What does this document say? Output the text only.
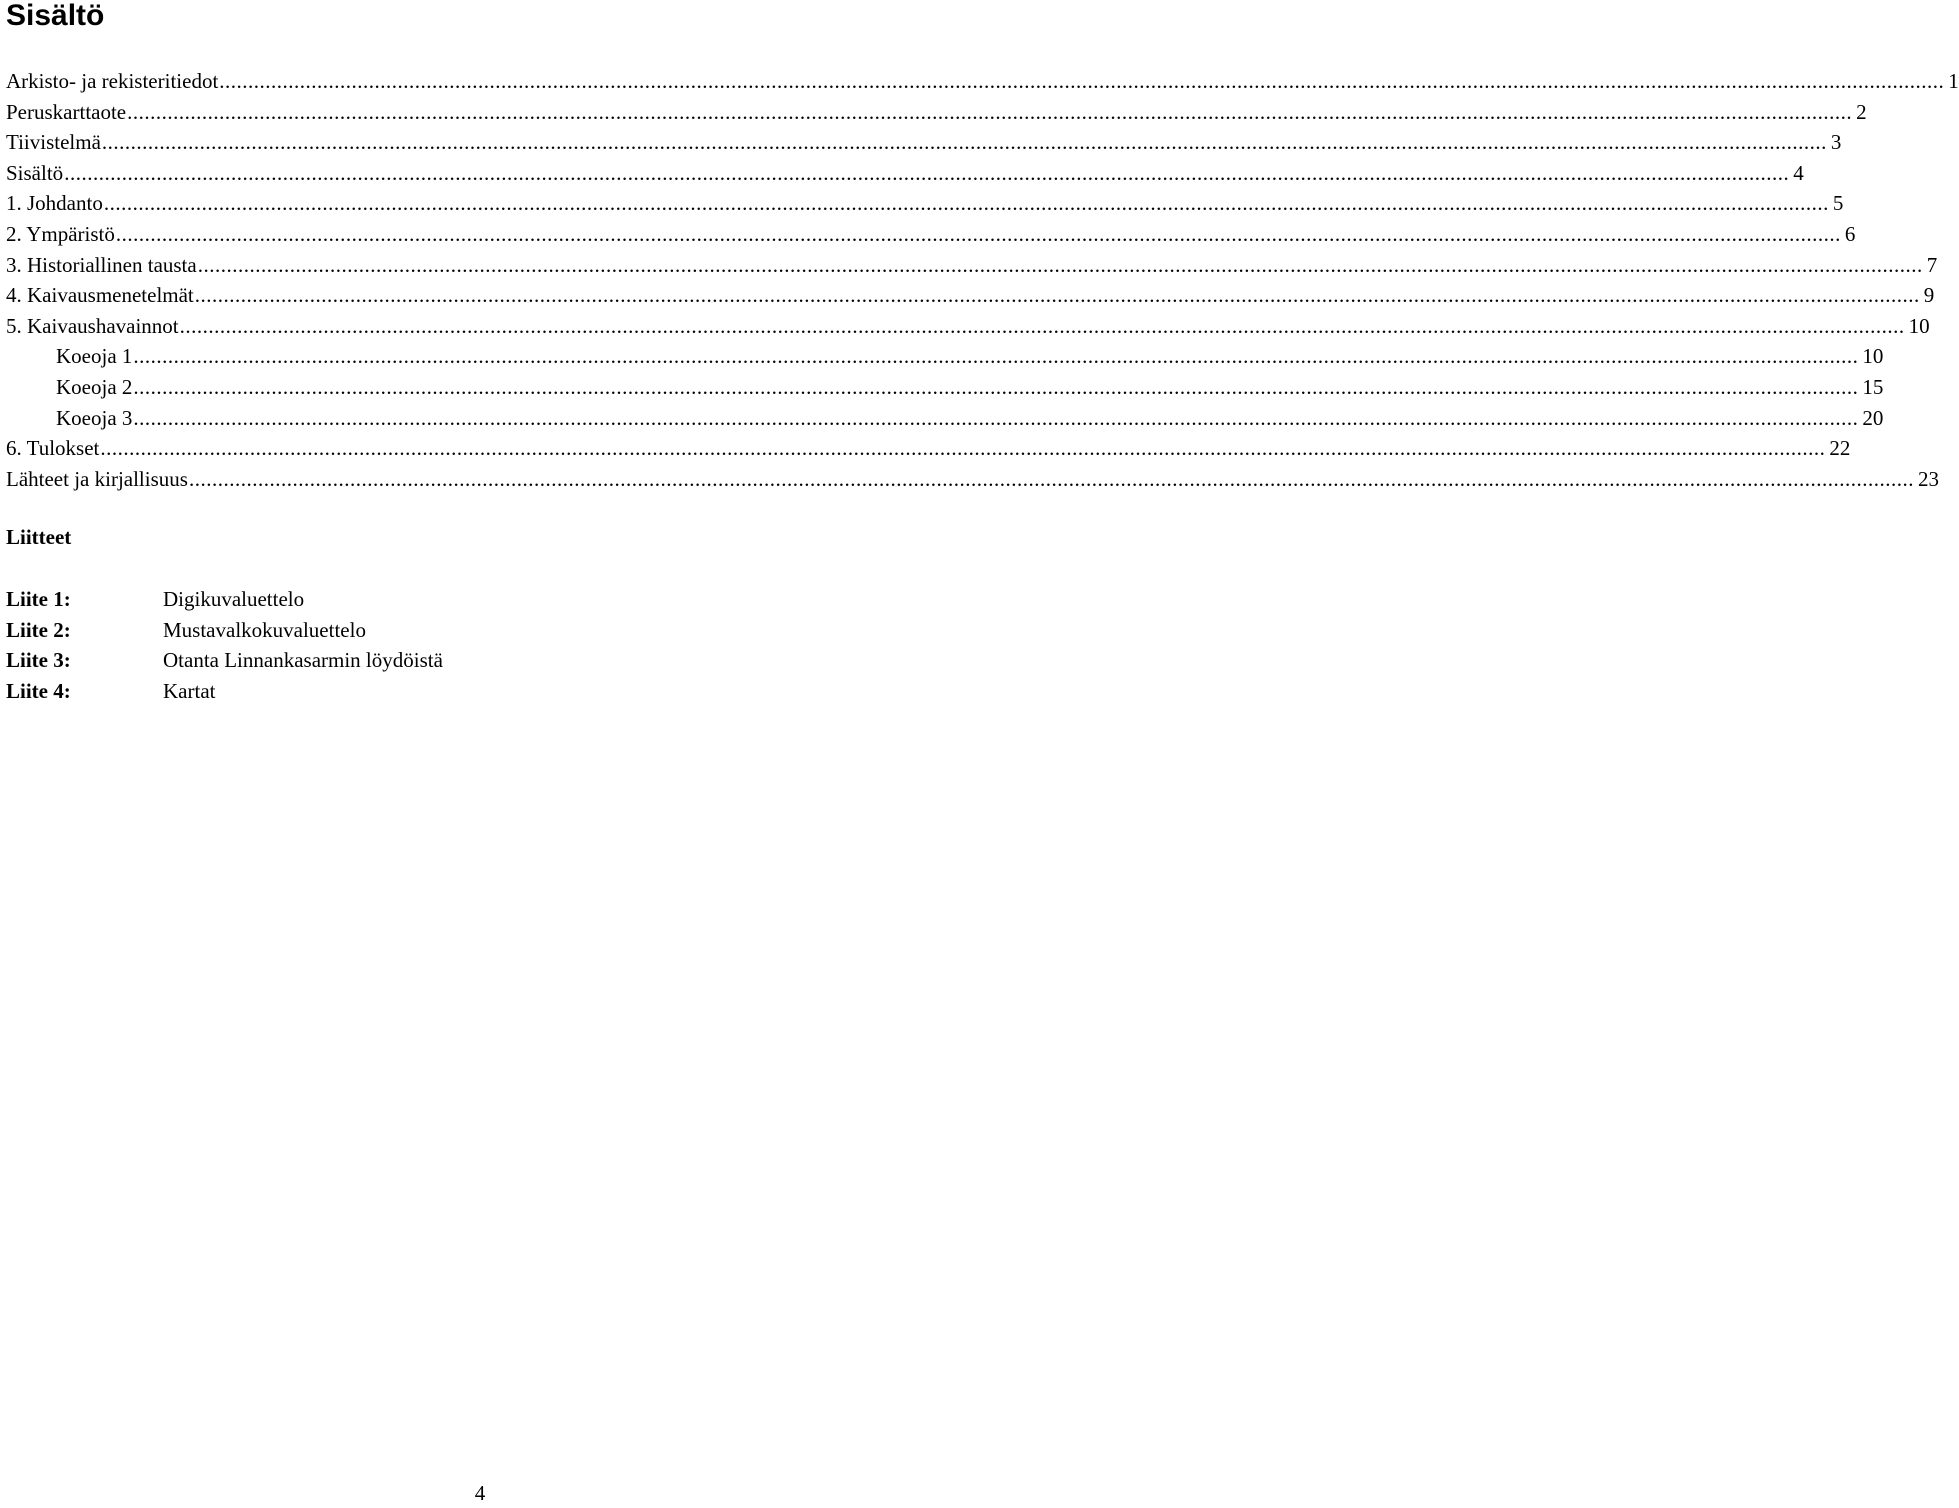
Sisältö
Arkisto- ja rekisteritiedot ............................................................................................................................................................................................................................................................................................................ 1
Peruskarttaote ............................................................................................................................................................................................................................................................................................................ 2
Tiivistelmä ............................................................................................................................................................................................................................................................................................................ 3
Sisältö ............................................................................................................................................................................................................................................................................................................ 4
1. Johdanto ............................................................................................................................................................................................................................................................................................................ 5
2. Ympäristö ............................................................................................................................................................................................................................................................................................................ 6
3. Historiallinen tausta ............................................................................................................................................................................................................................................................................................................ 7
4. Kaivausmenetelmät ............................................................................................................................................................................................................................................................................................................ 9
5. Kaivaushavainnot ............................................................................................................................................................................................................................................................................................................ 10
Koeoja 1 ............................................................................................................................................................................................................................................................................................................ 10
Koeoja 2 ............................................................................................................................................................................................................................................................................................................ 15
Koeoja 3 ............................................................................................................................................................................................................................................................................................................ 20
6. Tulokset ............................................................................................................................................................................................................................................................................................................ 22
Lähteet ja kirjallisuus ............................................................................................................................................................................................................................................................................................................ 23
Liitteet
Liite 1:	Digikuvaluettelo
Liite 2:	Mustavalkokuvaluettelo
Liite 3:	Otanta Linnankasarmin löydöistä
Liite 4:	Kartat
4
